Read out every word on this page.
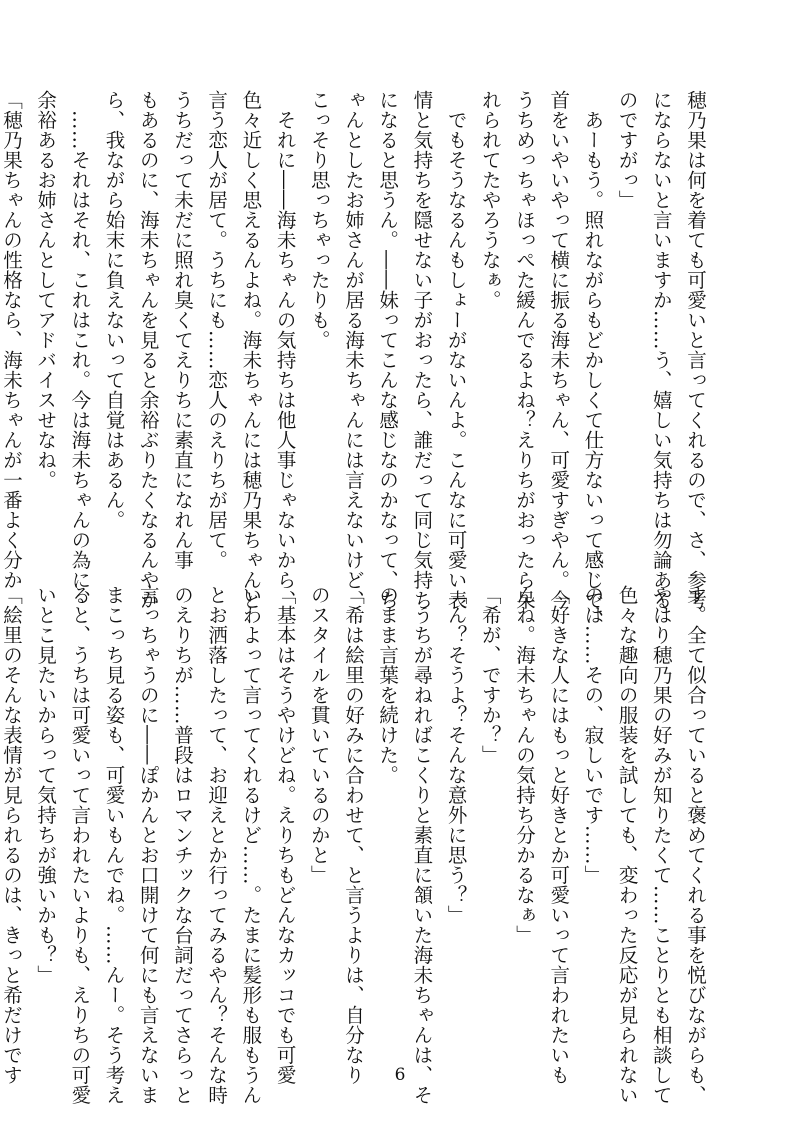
穂乃果は何を着ても可愛いと言ってくれるので、さ、参考
にならないと言いますか……う、嬉しい気持ちは勿論ある
のですがっ」
　あーもう。照れながらもどかしくて仕方ないって感じで、
首をいやいやって横に振る海未ちゃん、可愛すぎやん。今
うちめっちゃほっぺた緩んでるよね？えりちがおったら呆
れられてたやろうなぁ。
　でもそうなるんもしょーがないんよ。こんなに可愛い表
情と気持ちを隠せない子がおったら、誰だって同じ気持ち
になると思うん。――妹ってこんな感じなのかなって、ち
ゃんとしたお姉さんが居る海未ちゃんには言えないけど、
こっそり思っちゃったりも。
　それに――海未ちゃんの気持ちは他人事じゃないから、
色々近しく思えるんよね。海未ちゃんには穂乃果ちゃんと
言う恋人が居て。うちにも……恋人のえりちが居て。
うちだって未だに照れ臭くてえりちに素直になれん事
もあるのに、海未ちゃんを見ると余裕ぶりたくなるんやか
ら、我ながら始末に負えないって自覚はあるん。
　……それはそれ、これはこれ。今は海未ちゃんの為に、
余裕あるお姉さんとしてアドバイスせなね。
「穂乃果ちゃんの性格なら、海未ちゃんが一番よく分か
す。全て似合っていると褒めてくれる事を悦びながらも、
やはり穂乃果の好みが知りたくて……ことりとも相談して
色々な趣向の服装を試しても、変わった反応が見られない
のは……その、寂しいです……」
「好きな人にはもっと好きとか可愛いって言われたいも
んね。海未ちゃんの気持ち分かるなぁ」
「希が、ですか？」
「ん？そうよ？そんな意外に思う？」
　うちが尋ねればこくりと素直に頷いた海未ちゃんは、そ
のまま言葉を続けた。
「希は絵里の好みに合わせて、と言うよりは、自分なり
のスタイルを貫いているのかと」
「基本はそうやけどね。えりちもどんなカッコでも可愛
いわよって言ってくれるけど……。たまに髪形も服もうん
とお洒落したって、お迎えとか行ってみるやん？そんな時
のえりちが……普段はロマンチックな台詞だってさらっと
言っちゃうのに――ぽかんとお口開けて何にも言えないま
まこっち見る姿も、可愛いもんでね。……んー。そう考え
ると、うちは可愛いって言われたいよりも、えりちの可愛
いとこ見たいからって気持ちが強いかも？」
「絵里のそんな表情が見られるのは、きっと希だけです	6
